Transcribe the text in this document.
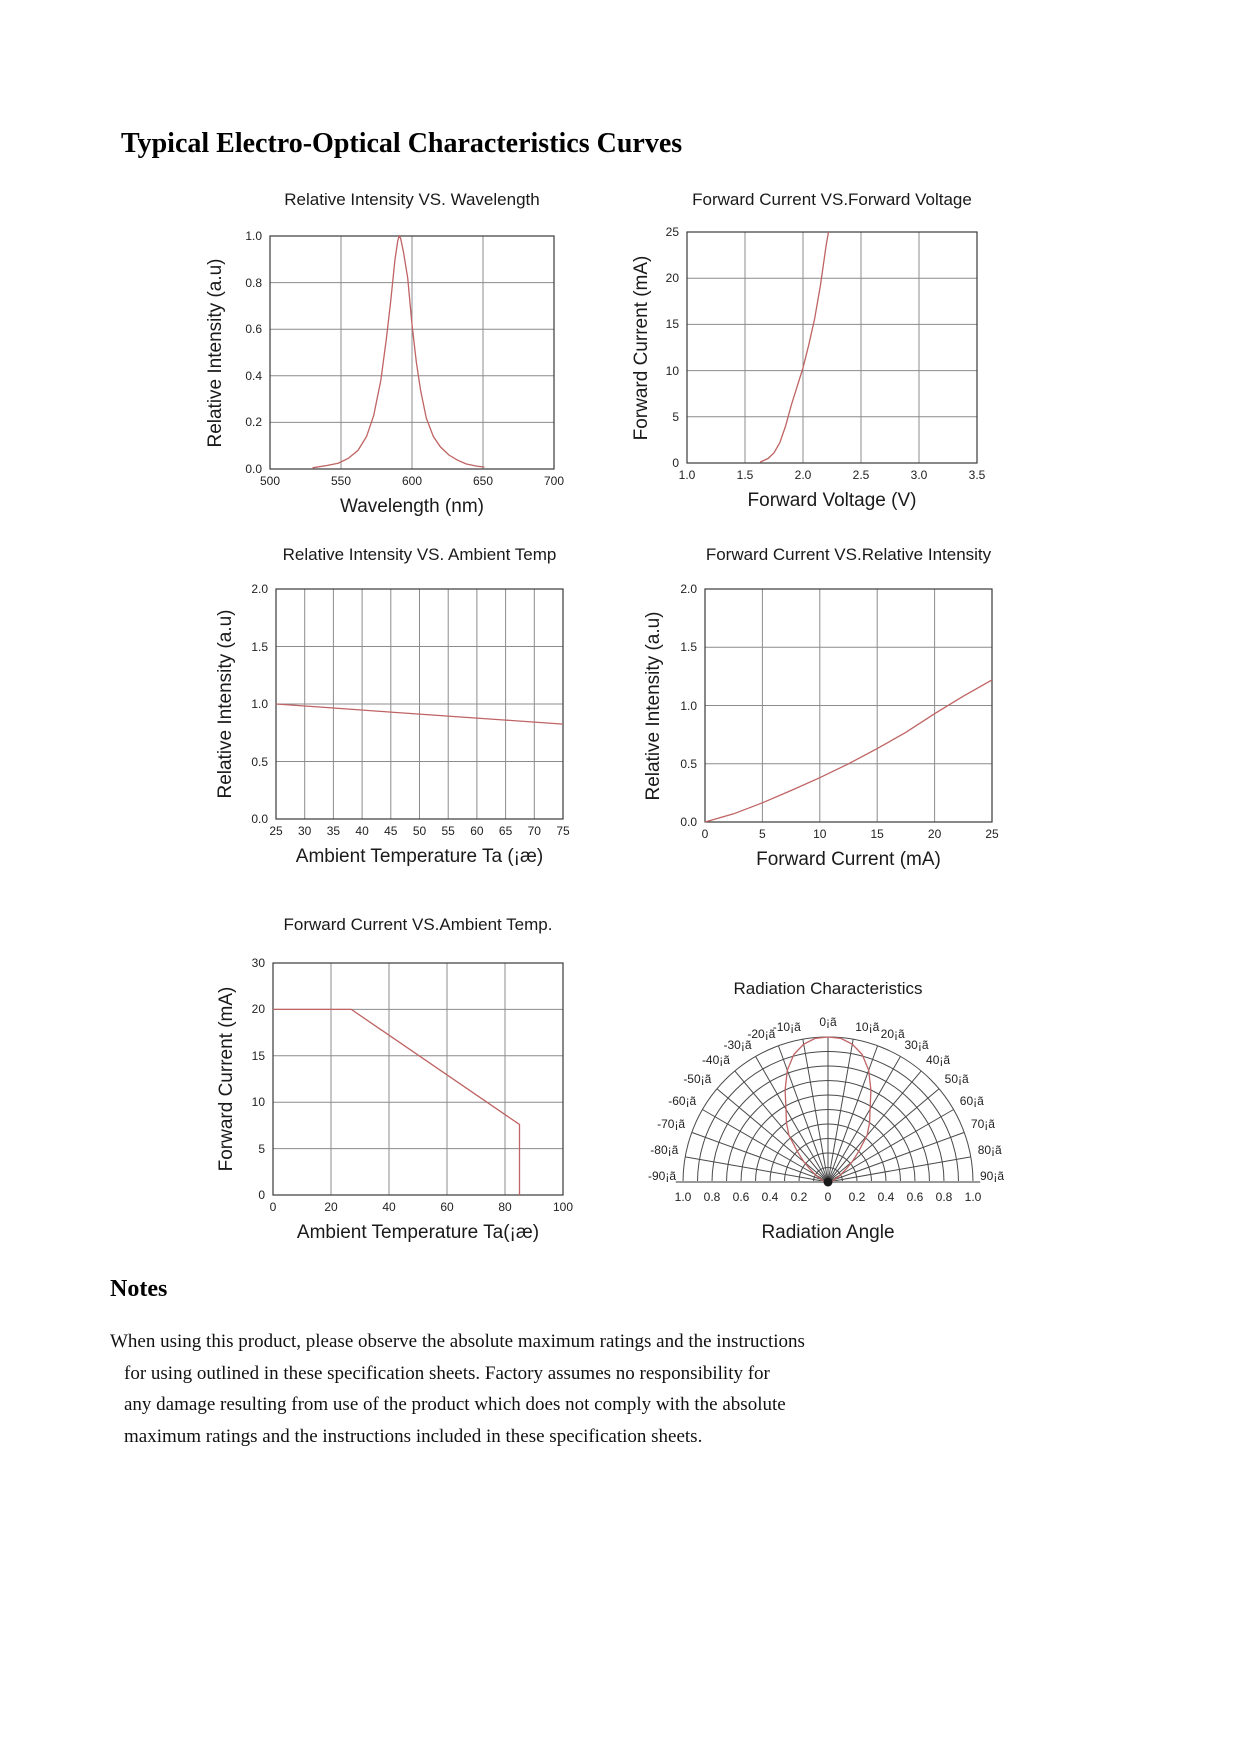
Typical Electro-Optical Characteristics Curves
Relative Intensity VS. Wavelength
Relative Intensity (a.u)
500	550	600	650	700
0.0
0.2
0.4
0.6
0.8
1.0
Wavelength (nm)
Forward Current VS.Forward Voltage
Forward Current (mA)
1.0	1.5	2.0	2.5	3.0	3.5
0
5
10
15
20
25
Forward Voltage (V)
Relative Intensity VS. Ambient Temp
Relative Intensity (a.u)
25	30	35	40	45	50	55	60	65	70	75
0.0
0.5
1.0
1.5
2.0
Ambient Temperature Ta (¡æ)
Forward Current VS.Relative Intensity
Relative Intensity (a.u)
0	5	10	15	20	25
0.0
0.5
1.0
1.5
2.0
Forward Current (mA)
Forward Current VS.Ambient Temp.
Forward Current (mA)
0	20	40	60	80	100
0
5
10
15
20
30
Ambient Temperature Ta(¡æ)
Radiation Characteristics
-90¡ã
-80¡ã
-70¡ã
-60¡ã
-50¡ã
-40¡ã
-30¡ã
-20¡ã
-10¡ã	0¡ã	10¡ã 20¡ã
30¡ã
40¡ã
50¡ã
60¡ã
70¡ã
80¡ã
90¡ã
1.0	0.8	0.6	0.4	0.2	0	0.2	0.4	0.6	0.8	1.0
Radiation Angle
Notes
When using this product, please observe the absolute maximum ratings and the instructions
for using outlined in these specification sheets. Factory assumes no responsibility for
any damage resulting from use of the product which does not comply with the absolute
maximum ratings and the instructions included in these specification sheets.
